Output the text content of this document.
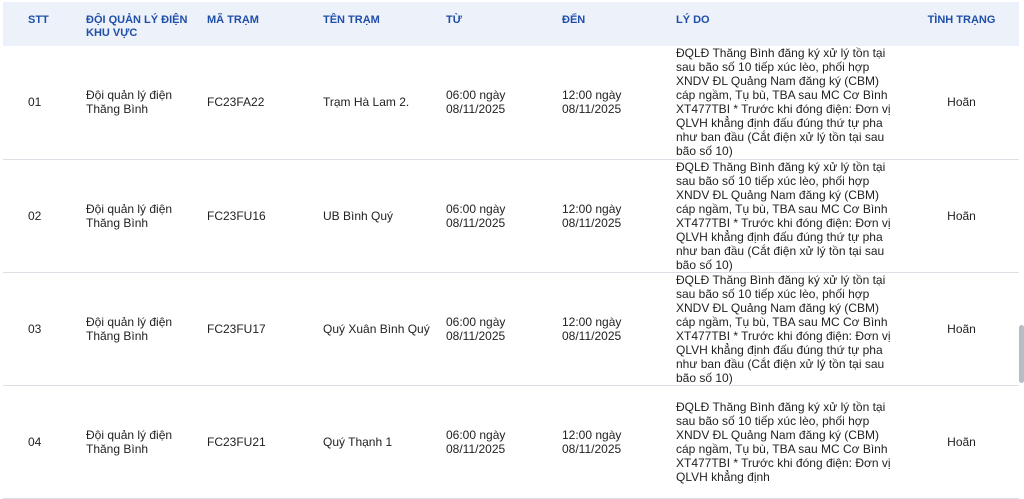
STT	ĐỘI QUẢN LÝ ĐIỆN KHU VỰC	MÃ TRẠM	TÊN TRẠM	TỪ	ĐẾN	LÝ DO	TÌNH TRẠNG
01	Đội quản lý điện Thăng Bình	FC23FA22	Trạm Hà Lam 2.	06:00 ngày 08/11/2025	12:00 ngày 08/11/2025	ĐQLĐ Thăng Bình đăng ký xử lý tồn tại sau bão số 10 tiếp xúc lèo, phối hợp XNDV ĐL Quảng Nam đăng ký (CBM) cáp ngầm, Tụ bù, TBA sau MC Cơ Bình XT477TBI * Trước khi đóng điện: Đơn vị QLVH khẳng định đấu đúng thứ tự pha như ban đầu (Cắt điện xử lý tồn tại sau bão số 10)	Hoãn
02	Đội quản lý điện Thăng Bình	FC23FU16	UB Bình Quý	06:00 ngày 08/11/2025	12:00 ngày 08/11/2025	ĐQLĐ Thăng Bình đăng ký xử lý tồn tại sau bão số 10 tiếp xúc lèo, phối hợp XNDV ĐL Quảng Nam đăng ký (CBM) cáp ngầm, Tụ bù, TBA sau MC Cơ Bình XT477TBI * Trước khi đóng điện: Đơn vị QLVH khẳng định đấu đúng thứ tự pha như ban đầu (Cắt điện xử lý tồn tại sau bão số 10)	Hoãn
03	Đội quản lý điện Thăng Bình	FC23FU17	Quý Xuân Bình Quý	06:00 ngày 08/11/2025	12:00 ngày 08/11/2025	ĐQLĐ Thăng Bình đăng ký xử lý tồn tại sau bão số 10 tiếp xúc lèo, phối hợp XNDV ĐL Quảng Nam đăng ký (CBM) cáp ngầm, Tụ bù, TBA sau MC Cơ Bình XT477TBI * Trước khi đóng điện: Đơn vị QLVH khẳng định đấu đúng thứ tự pha như ban đầu (Cắt điện xử lý tồn tại sau bão số 10)	Hoãn
04	Đội quản lý điện Thăng Bình	FC23FU21	Quý Thạnh 1	06:00 ngày 08/11/2025	12:00 ngày 08/11/2025	ĐQLĐ Thăng Bình đăng ký xử lý tồn tại sau bão số 10 tiếp xúc lèo, phối hợp XNDV ĐL Quảng Nam đăng ký (CBM) cáp ngầm, Tụ bù, TBA sau MC Cơ Bình XT477TBI * Trước khi đóng điện: Đơn vị QLVH khẳng định	Hoãn
